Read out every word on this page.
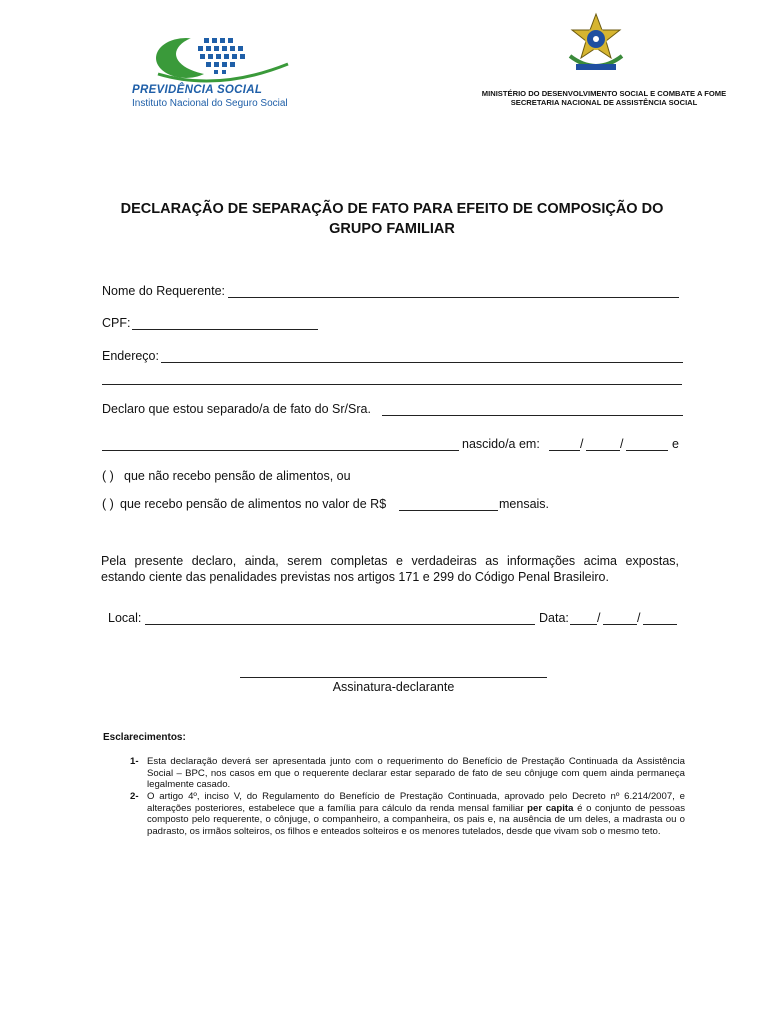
PREVIDÊNCIA SOCIAL
Instituto Nacional do Seguro Social
MINISTÉRIO DO DESENVOLVIMENTO SOCIAL E COMBATE A FOME
SECRETARIA NACIONAL DE ASSISTÊNCIA SOCIAL
DECLARAÇÃO DE SEPARAÇÃO DE FATO PARA EFEITO DE COMPOSIÇÃO DO
GRUPO FAMILIAR
Nome do Requerente:
CPF:
Endereço:
Declaro que estou separado/a de fato do Sr/Sra.
nascido/a em:	/	/	e
( ) que não recebo pensão de alimentos, ou
( ) que recebo pensão de alimentos no valor de R$	mensais.
Pela presente declaro, ainda, serem completas e verdadeiras as informações acima expostas,
estando ciente das penalidades previstas nos artigos 171 e 299 do Código Penal Brasileiro.
Local:	Data: /	/
Assinatura-declarante
Esclarecimentos:
1- Esta declaração deverá ser apresentada junto com o requerimento do Benefício de Prestação Continuada da Assistência Social – BPC, nos casos em que o requerente declarar estar separado de fato de seu cônjuge com quem ainda permaneça legalmente casado.
2- O artigo 4º, inciso V, do Regulamento do Benefício de Prestação Continuada, aprovado pelo Decreto nº 6.214/2007, e alterações posteriores, estabelece que a família para cálculo da renda mensal familiar per capita é o conjunto de pessoas composto pelo requerente, o cônjuge, o companheiro, a companheira, os pais e, na ausência de um deles, a madrasta ou o padrasto, os irmãos solteiros, os filhos e enteados solteiros e os menores tutelados, desde que vivam sob o mesmo teto.
